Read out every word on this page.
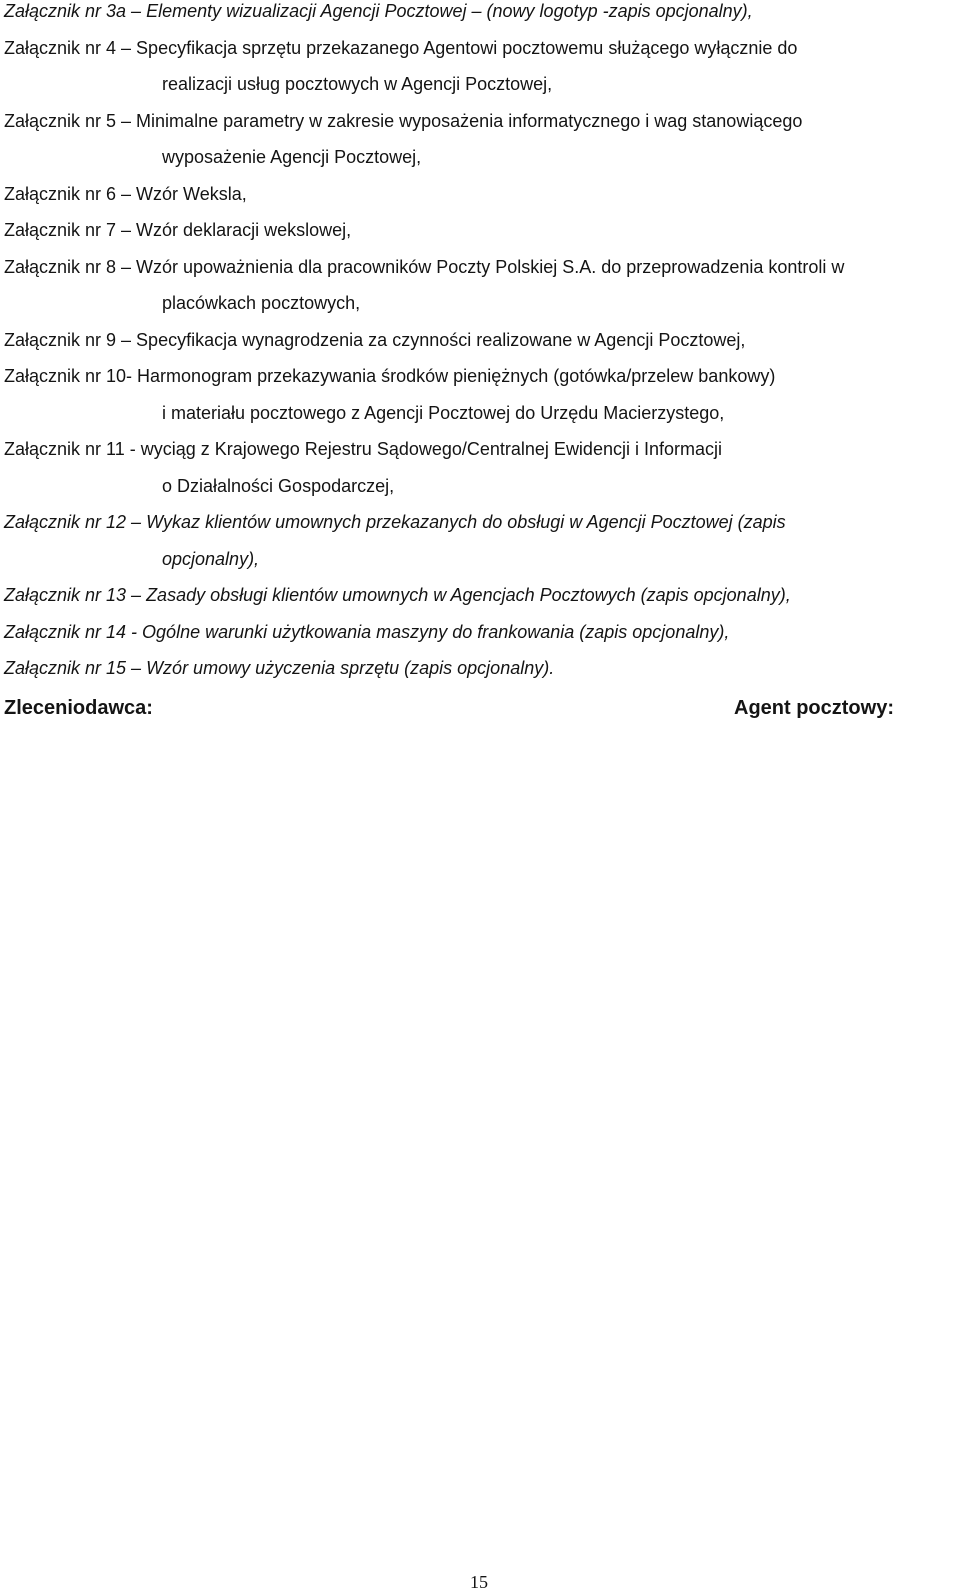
Załącznik nr 3a – Elementy wizualizacji Agencji Pocztowej – (nowy logotyp -zapis opcjonalny),
Załącznik nr 4 – Specyfikacja sprzętu przekazanego Agentowi pocztowemu służącego wyłącznie do
realizacji usług pocztowych w Agencji Pocztowej,
Załącznik nr 5 – Minimalne parametry w zakresie wyposażenia informatycznego i wag stanowiącego
wyposażenie Agencji Pocztowej,
Załącznik nr 6 – Wzór Weksla,
Załącznik nr 7 – Wzór deklaracji wekslowej,
Załącznik nr 8 – Wzór upoważnienia dla pracowników Poczty Polskiej S.A. do przeprowadzenia kontroli w
placówkach pocztowych,
Załącznik nr 9 – Specyfikacja wynagrodzenia za czynności realizowane w Agencji Pocztowej,
Załącznik nr 10- Harmonogram przekazywania środków pieniężnych (gotówka/przelew bankowy)
i materiału pocztowego z Agencji Pocztowej do Urzędu Macierzystego,
Załącznik nr 11 - wyciąg z Krajowego Rejestru Sądowego/Centralnej Ewidencji i Informacji
o Działalności Gospodarczej,
Załącznik nr 12 – Wykaz klientów umownych przekazanych do obsługi w Agencji Pocztowej (zapis
opcjonalny),
Załącznik nr 13 – Zasady obsługi klientów umownych w Agencjach Pocztowych (zapis opcjonalny),
Załącznik nr 14 - Ogólne warunki użytkowania maszyny do frankowania (zapis opcjonalny),
Załącznik nr 15 – Wzór umowy użyczenia sprzętu (zapis opcjonalny).
Zleceniodawca:	Agent pocztowy:
15
